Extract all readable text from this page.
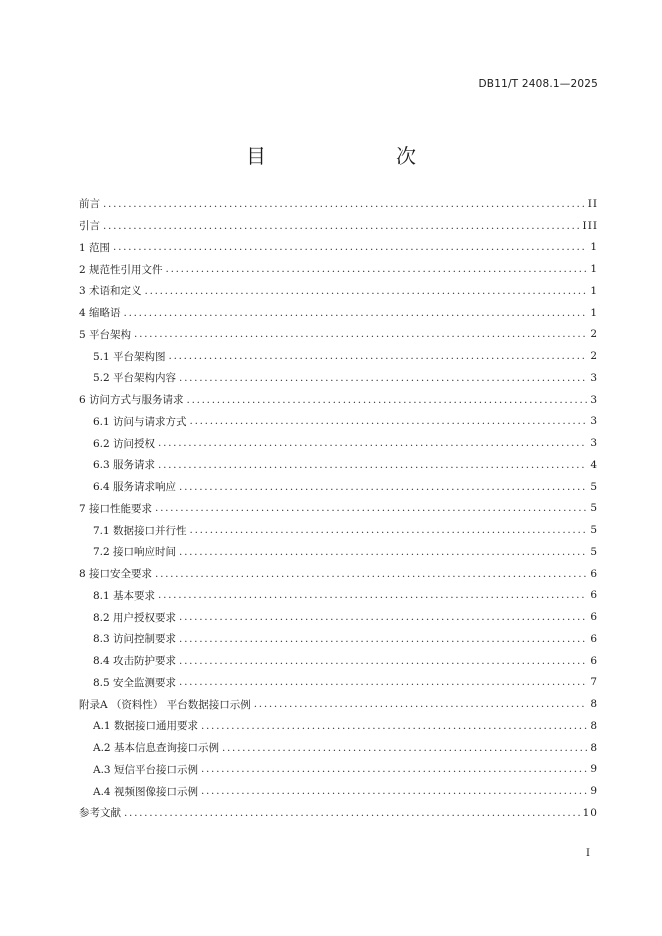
DB11/T 2408.1—2025
目　　次
前言 .....	II
引言 .....	III
1 范围 .....	1
2 规范性引用文件 .....	1
3 术语和定义 .....	1
4 缩略语 .....	1
5 平台架构 .....	2
5.1 平台架构图 .....	2
5.2 平台架构内容 .....	3
6 访问方式与服务请求 .....	3
6.1 访问与请求方式 .....	3
6.2 访问授权 .....	3
6.3 服务请求 .....	4
6.4 服务请求响应 .....	5
7 接口性能要求 .....	5
7.1 数据接口并行性 .....	5
7.2 接口响应时间 .....	5
8 接口安全要求 .....	6
8.1 基本要求 .....	6
8.2 用户授权要求 .....	6
8.3 访问控制要求 .....	6
8.4 攻击防护要求 .....	6
8.5 安全监测要求 .....	7
附录A （资料性） 平台数据接口示例 .....	8
A.1 数据接口通用要求 .....	8
A.2 基本信息查询接口示例 .....	8
A.3 短信平台接口示例 .....	9
A.4 视频图像接口示例 .....	9
参考文献 .....	10
I
